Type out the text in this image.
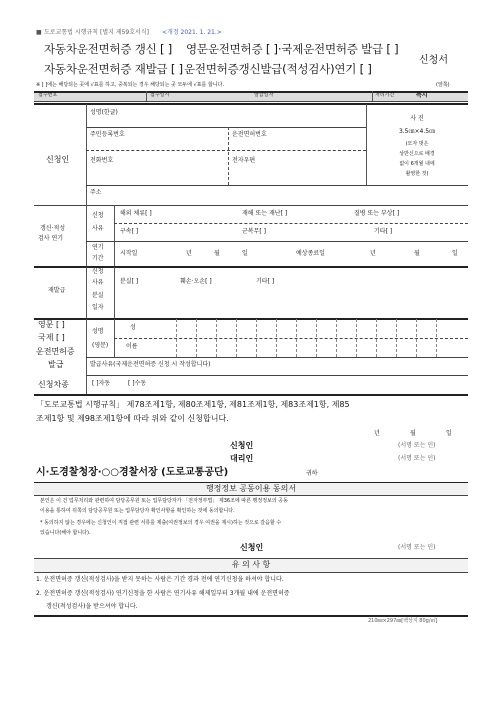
■ 도로교통법 시행규칙 [별지 제59호서식] <개정 2021. 1. 21.>
자동차운전면허증 갱신 [ ] 영문운전면허증 [ ]·국제운전면허증 발급 [ ]
자동차운전면허증 재발급 [ ] 운전면허증갱신발급(적성검사)연기 [ ]
신청서
※ [ ]에는 해당되는 곳에 √표를 하고, 중복되는 경우 해당되는 곳 모두에 √표를 합니다.	(앞쪽)
접수번호	접수일시	발급일자	처리기간	즉시
신청인
성명(한글)
주민등록번호	운전면허번호
전화번호	전자우편
주소
사 진
3.5㎝×4.5㎝
(모자 벗은
상반신으로 배경
없이 6개월 내에
촬영한 것)
갱신·적성
검사 연기
신청
사유
해외 체류[ ]	재해 또는 재난[ ]	질병 또는 부상[ ]
구속[ ]	군복무[ ]	기타[ ]
연기
기간
시작일	년	월	일	예상종료일	년	월	일
재발급
신청
사유
분실
일자
분실[ ]	훼손·오손[ ]	기타[ ]
영문 [ ]
국제 [ ]
운전면허증
발급
성명
(영문)
성
이름
발급사유(국제운전면허증 신청 시 작성합니다)
신청차종	[ ]자동	[ ]수동
「도로교통법 시행규칙」 제78조제1항, 제80조제1항, 제81조제1항, 제83조제1항, 제85
조제1항 및 제98조제1항에 따라 위와 같이 신청합니다.
년	월	일
신청인	(서명 또는 인)
대리인	(서명 또는 인)
시·도경찰청장·○○경찰서장 (도로교통공단)	귀하
행정정보 공동이용 동의서
본인은 이 건 업무처리와 관련하여 담당공무원 또는 업무담당자가 「전자정부법」 제36조에 따른 행정정보의 공동
이용을 통하여 뒤쪽의 담당공무원 또는 업무담당자 확인사항을 확인하는 것에 동의합니다.
* 동의하지 않는 경우에는 신청인이 직접 관련 서류를 제출(여권정보의 경우 여권을 제시)하는 것으로 갈음할 수
있습니다(해야 합니다).
신청인	(서명 또는 인)
유 의 사 항
1. 운전면허증 갱신(적성검사)을 받지 못하는 사람은 기간 경과 전에 연기신청을 하셔야 합니다.
2. 운전면허증 갱신(적성검사) 연기신청을 한 사람은 연기사유 해제일부터 3개월 내에 운전면허증
갱신(적성검사)을 받으셔야 합니다.
210㎜×297㎜[백상지 80g/㎡]
